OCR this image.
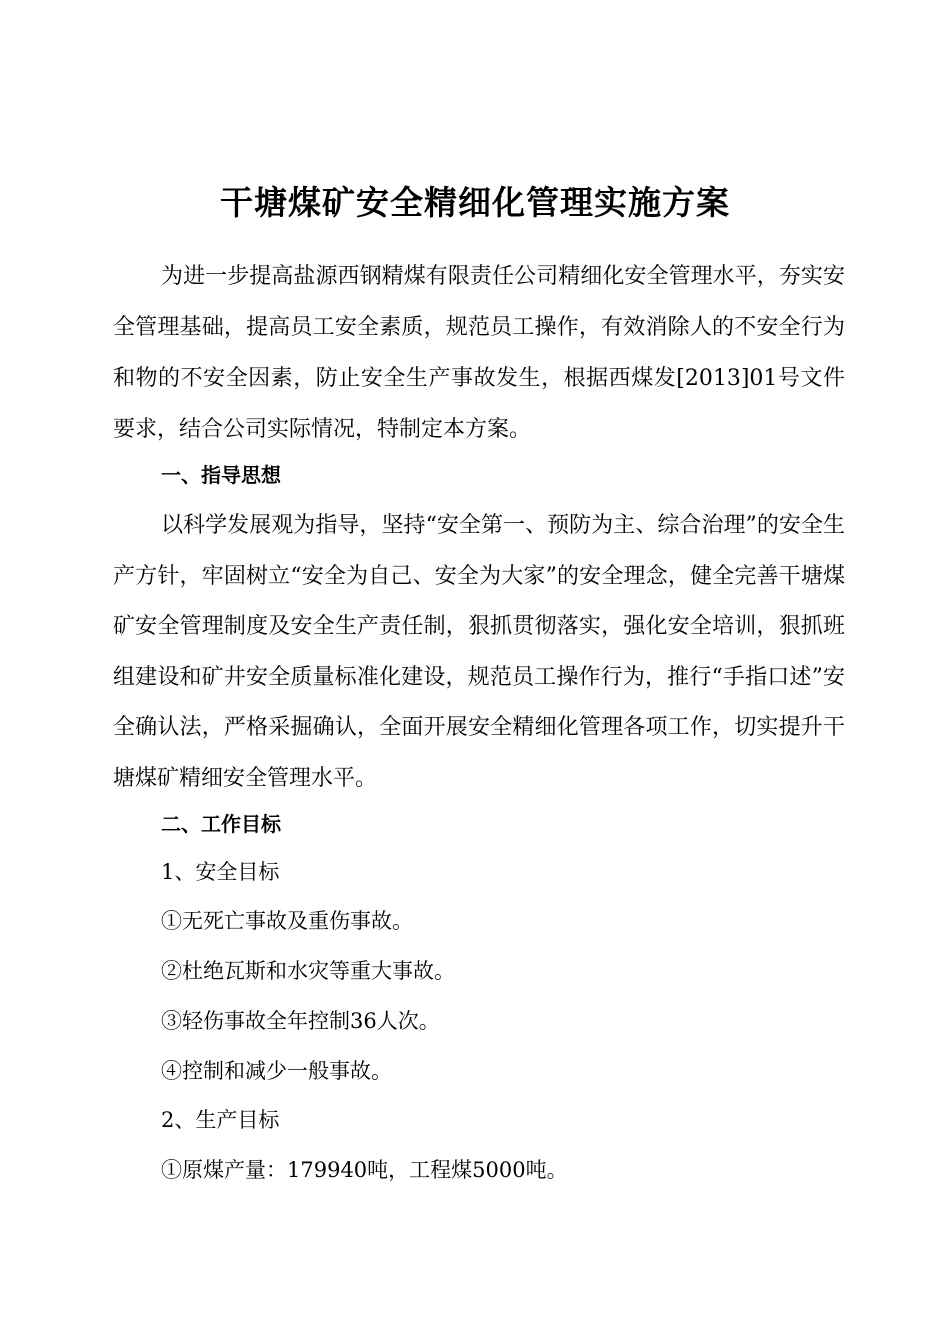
干塘煤矿安全精细化管理实施方案

为进一步提高盐源西钢精煤有限责任公司精细化安全管理水平，夯实安全管理基础，提高员工安全素质，规范员工操作，有效消除人的不安全行为和物的不安全因素，防止安全生产事故发生，根据西煤发[2013]01号文件要求，结合公司实际情况，特制定本方案。

一、指导思想

以科学发展观为指导，坚持“安全第一、预防为主、综合治理”的安全生产方针，牢固树立“安全为自己、安全为大家”的安全理念，健全完善干塘煤矿安全管理制度及安全生产责任制，狠抓贯彻落实，强化安全培训，狠抓班组建设和矿井安全质量标准化建设，规范员工操作行为，推行“手指口述”安全确认法，严格采掘确认，全面开展安全精细化管理各项工作，切实提升干塘煤矿精细安全管理水平。

二、工作目标

1、安全目标

①无死亡事故及重伤事故。

②杜绝瓦斯和水灾等重大事故。

③轻伤事故全年控制36人次。

④控制和减少一般事故。

2、生产目标

①原煤产量：179940吨，工程煤5000吨。
